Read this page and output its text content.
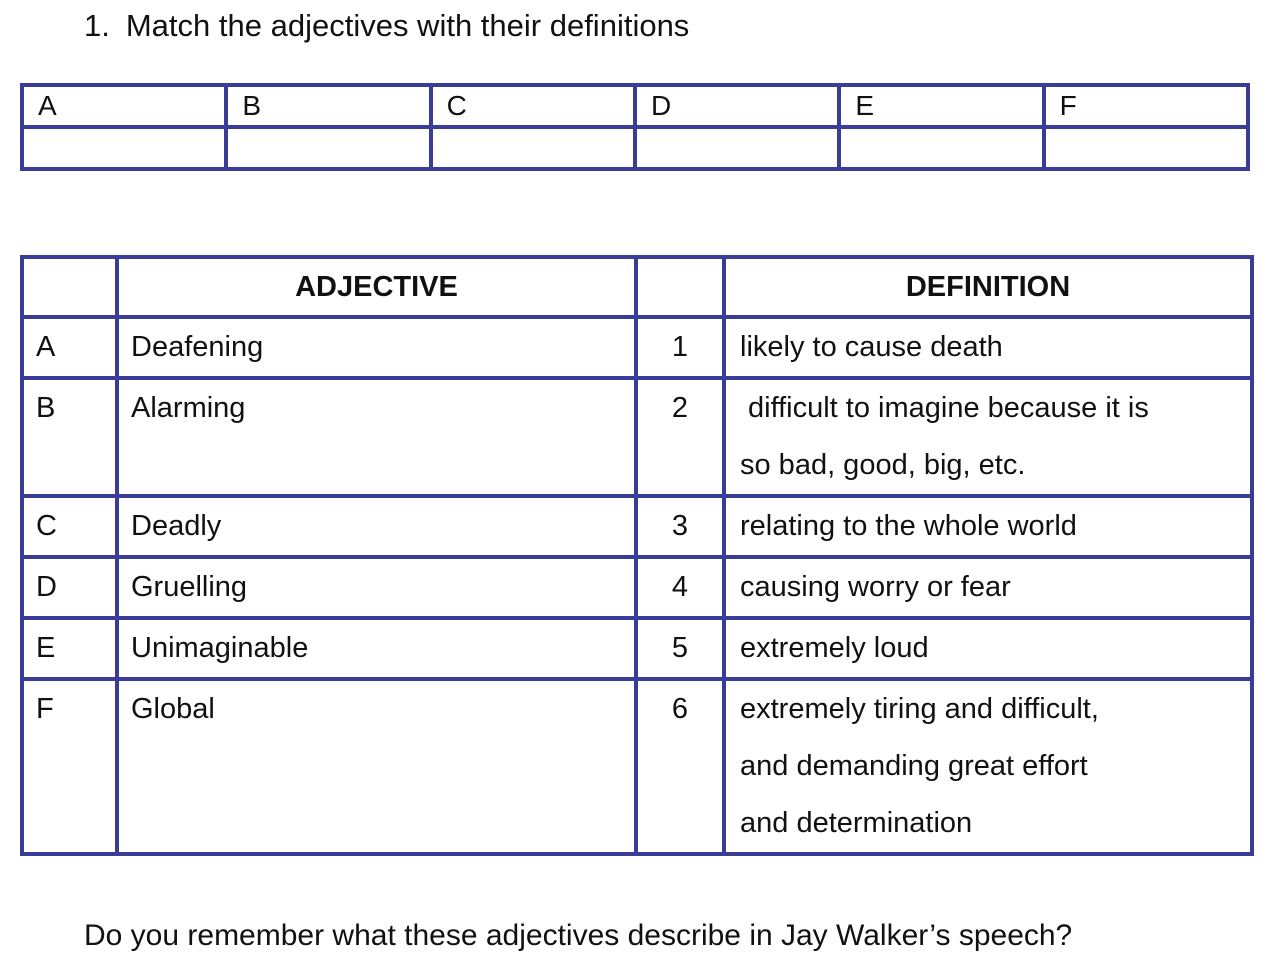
1. Match the adjectives with their definitions
A	B	C	D	E	F

	ADJECTIVE		DEFINITION
A	Deafening	1	likely to cause death

B	Alarming	2	difficult to imagine because it is
so bad, good, big, etc.

C	Deadly	3	relating to the whole world

D	Gruelling	4	causing worry or fear

E	Unimaginable	5	extremely loud

F	Global	6	extremely tiring and difficult,
and demanding great effort
and determination
Do you remember what these adjectives describe in Jay Walker’s speech?
